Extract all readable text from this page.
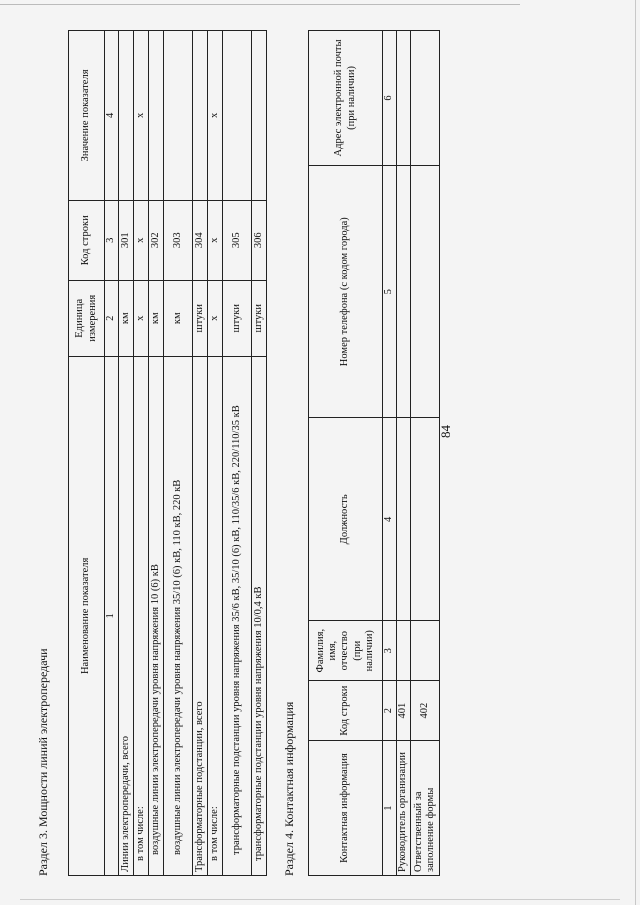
84
Раздел 3. Мощности линий электропередачи
Наименование показателя	Единица измерения	Код строки	Значение показателя
1	2	3	4
Линии электропередачи, всего	км	301	
в том числе:	х	х	х
воздушные линии электропередачи уровня напряжения 10 (6) кВ	км	302	
воздушные линии электропередачи уровня напряжения 35/10 (6) кВ, 110 кВ, 220 кВ	км	303	
Трансформаторные подстанции, всего	штуки	304	
в том числе:	х	х	х
трансформаторные подстанции уровня напряжения 35/6 кВ, 35/10 (6) кВ, 110/35/6 кВ, 220/110/35 кВ	штуки	305	
трансформаторные подстанции уровня напряжения 10/0,4 кВ	штуки	306	
Раздел 4. Контактная информация	Контактная информация	Код строки	Фамилия, имя, отчество (при наличии)	Должность	Номер телефона (с кодом города)	Адрес электронной почты (при наличии)
1	2	3	4	5	6
Руководитель организации	401				
Ответственный за заполнение формы	402				
